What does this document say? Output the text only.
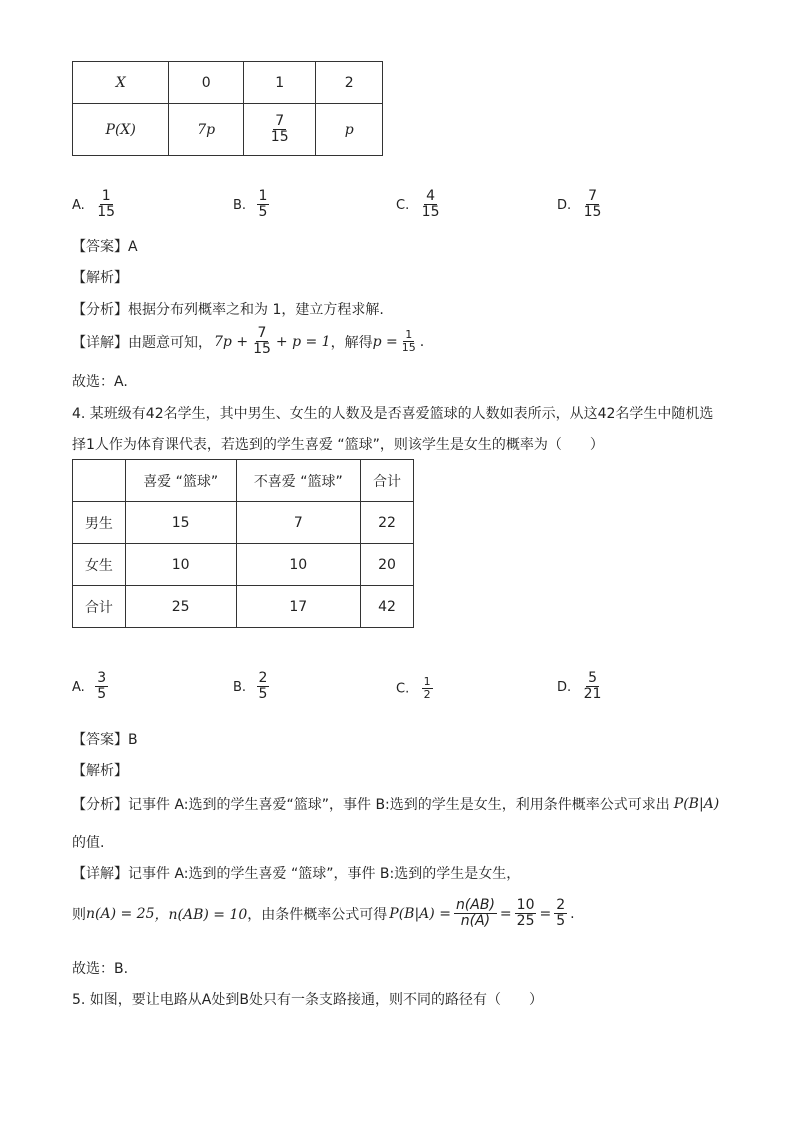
X	0	1	2
P(X)	7p	$\frac{7}{15}$	p
A. $\frac{1}{15}$	B. $\frac{1}{5}$	C. $\frac{4}{15}$	D. $\frac{7}{15}$
【答案】A
【解析】
【分析】根据分布列概率之和为 1，建立方程求解.
【详解】 由题意可知， $7p + \frac{7}{15} + p = 1$ ，解得 $p = \frac{1}{15}$ .
故选：A.
4. 某班级有42名学生，其中男生、女生的人数及是否喜爱篮球的人数如表所示，从这42名学生中随机选
择1人作为体育课代表，若选到的学生喜爱 “篮球”，则该学生是女生的概率为（　　）
	喜爱 “篮球”	不喜爱 “篮球”	合计
男生	15	7	22
女生	10	10	20
合计	25	17	42
A. $\frac{3}{5}$	B. $\frac{2}{5}$	C. $\frac{1}{2}$	D. $\frac{5}{21}$
【答案】B
【解析】
【分析】 记事件 A:选到的学生喜爱“篮球”，事件 B:选到的学生是女生，利用条件概率公式可求出 P(B|A)
的值.
【详解】记事件 A:选到的学生喜爱 “篮球”，事件 B:选到的学生是女生，
则 n(A) = 25 ，n(AB) = 10 ，由条件概率公式可得 $P(B|A) = \frac{n(AB)}{n(A)} = \frac{10}{25} = \frac{2}{5}$ .
故选：B.
5. 如图，要让电路从A处到B处只有一条支路接通，则不同的路径有（　　）
